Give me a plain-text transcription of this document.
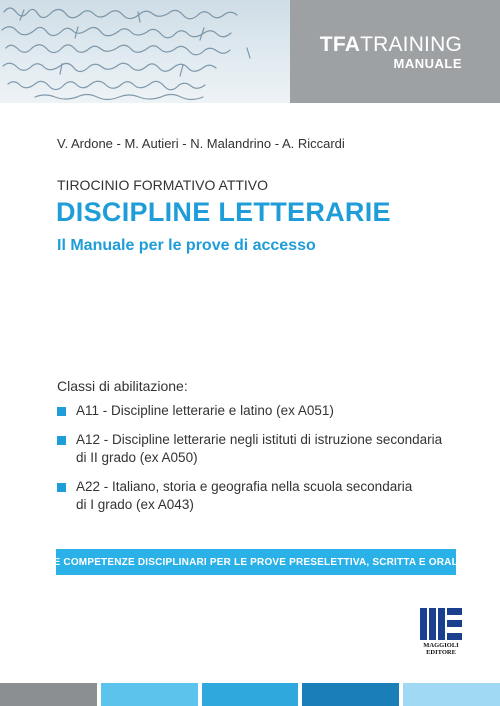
TFATRAINING
MANUALE
V. Ardone - M. Autieri - N. Malandrino - A. Riccardi
TIROCINIO FORMATIVO ATTIVO
DISCIPLINE LETTERARIE
Il Manuale per le prove di accesso
Classi di abilitazione:
A11 - Discipline letterarie e latino (ex A051)
A12 - Discipline letterarie negli istituti di istruzione secondaria
di II grado (ex A050)
A22 - Italiano, storia e geografia nella scuola secondaria
di I grado (ex A043)
LE COMPETENZE DISCIPLINARI PER LE PROVE PRESELETTIVA, SCRITTA E ORALE
MAGGIOLI
EDITORE
